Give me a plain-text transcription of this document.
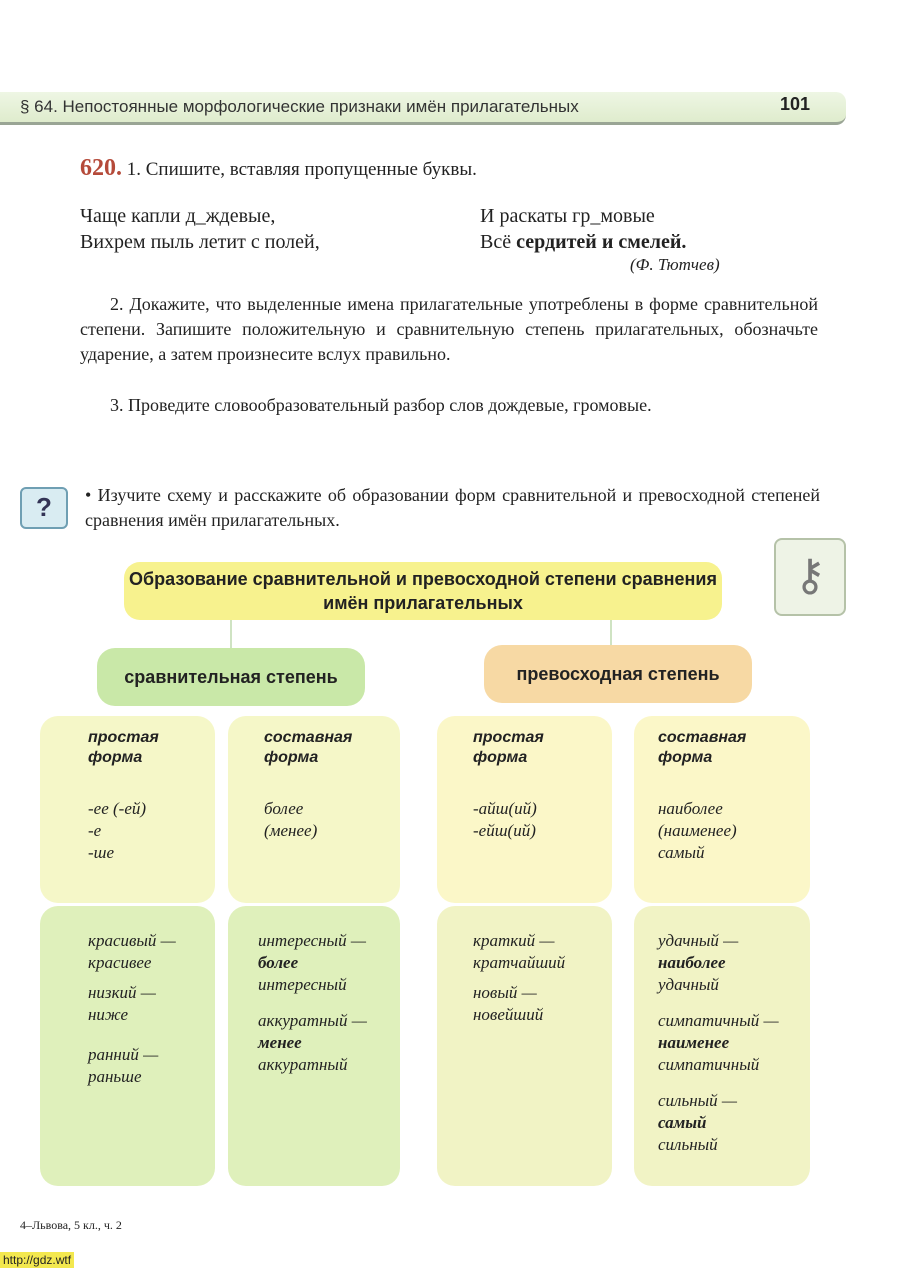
§ 64. Непостоянные морфологические признаки имён прилагательных	101
620. 1. Спишите, вставляя пропущенные буквы.
Чаще капли д_ждевые,
Вихрем пыль летит с полей,
И раскаты гр_мовые
Всё сердитей и смелей.
(Ф. Тютчев)
2. Докажите, что выделенные имена прилагательные употреблены в форме сравнительной степени. Запишите положительную и сравнительную степень прилагательных, обозначьте ударение, а затем произнесите вслух правильно.
3. Проведите словообразовательный разбор слов дождевые, громовые.
?	• Изучите схему и расскажите об образовании форм сравнительной и превосходной степеней сравнения имён прилагательных.
⚷
Образование сравнительной и превосходной степени сравнения имён прилагательных
сравнительная степень	превосходная степень
простая форма
-ее (-ей)
-е
-ше
составная форма
более
(менее)
простая форма
-айш(ий)
-ейш(ий)
составная форма
наиболее
(наименее)
самый
красивый —
красивее
низкий —
ниже
ранний —
раньше
интересный —
более
интересный
аккуратный —
менее
аккуратный
краткий —
кратчайший
новый —
новейший
удачный —
наиболее
удачный
симпатичный —
наименее
симпатичный
сильный —
самый
сильный
4–Львова, 5 кл., ч. 2
http://gdz.wtf
